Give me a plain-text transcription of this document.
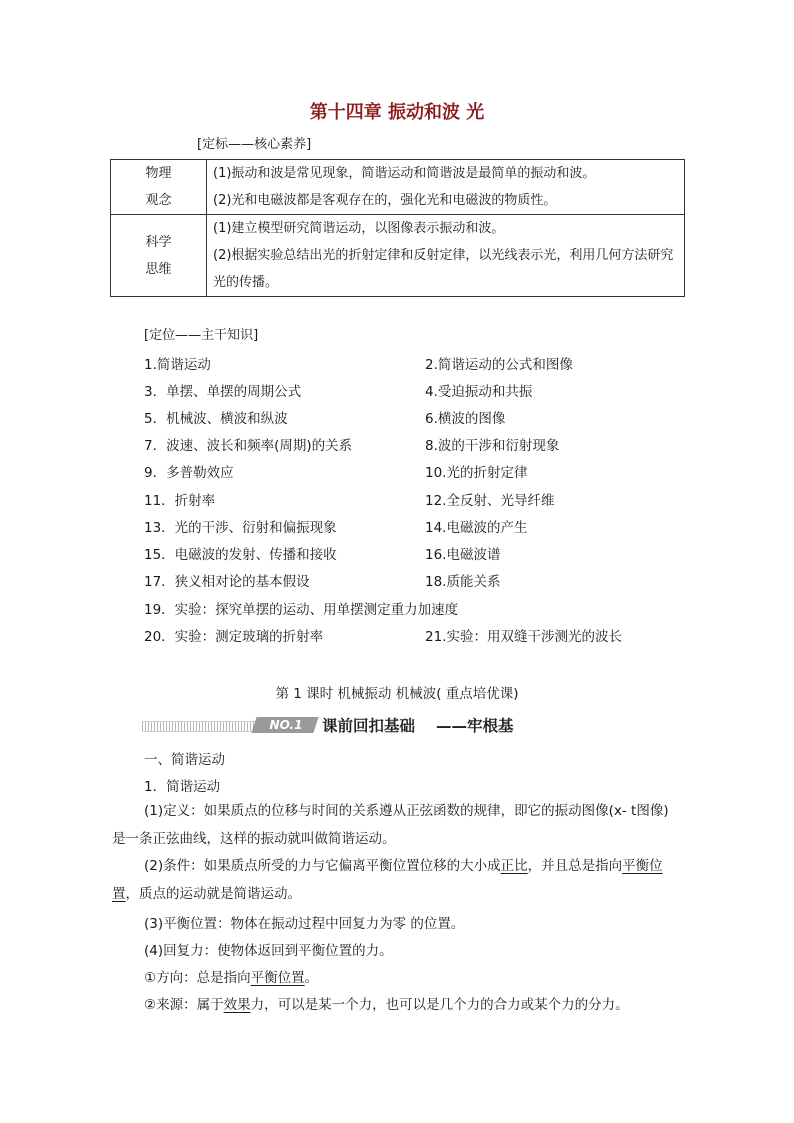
第十四章 振动和波 光
[定标——核心素养]
物理
观念	(1)振动和波是常见现象，简谐运动和简谐波是最简单的振动和波。
(2)光和电磁波都是客观存在的，强化光和电磁波的物质性。

科学
思维	(1)建立模型研究简谐运动，以图像表示振动和波。
(2)根据实验总结出光的折射定律和反射定律，以光线表示光，利用几何方法研究光的传播。
[定位——主干知识]
1.简谐运动	2.简谐运动的公式和图像
3．单摆、单摆的周期公式	4.受迫振动和共振
5．机械波、横波和纵波	6.横波的图像
7．波速、波长和频率(周期)的关系	8.波的干涉和衍射现象
9．多普勒效应	10.光的折射定律
11．折射率	12.全反射、光导纤维
13．光的干涉、衍射和偏振现象	14.电磁波的产生
15．电磁波的发射、传播和接收	16.电磁波谱
17．狭义相对论的基本假设	18.质能关系
19．实验：探究单摆的运动、用单摆测定重力加速度
20．实验：测定玻璃的折射率	21.实验：用双缝干涉测光的波长
第 1 课时 机械振动 机械波( 重点培优课)
NO.1	课前回扣基础 ——牢根基
一、简谐运动
1．简谐运动
(1)定义：如果质点的位移与时间的关系遵从正弦函数的规律，即它的振动图像(x- t图像)
是一条正弦曲线，这样的振动就叫做简谐运动。
(2)条件：如果质点所受的力与它偏离平衡位置位移的大小成正比，并且总是指向平衡位
置，质点的运动就是简谐运动。
(3)平衡位置：物体在振动过程中回复力为零 的位置。
(4)回复力：使物体返回到平衡位置的力。
①方向：总是指向平衡位置。
②来源：属于效果力，可以是某一个力，也可以是几个力的合力或某个力的分力。
